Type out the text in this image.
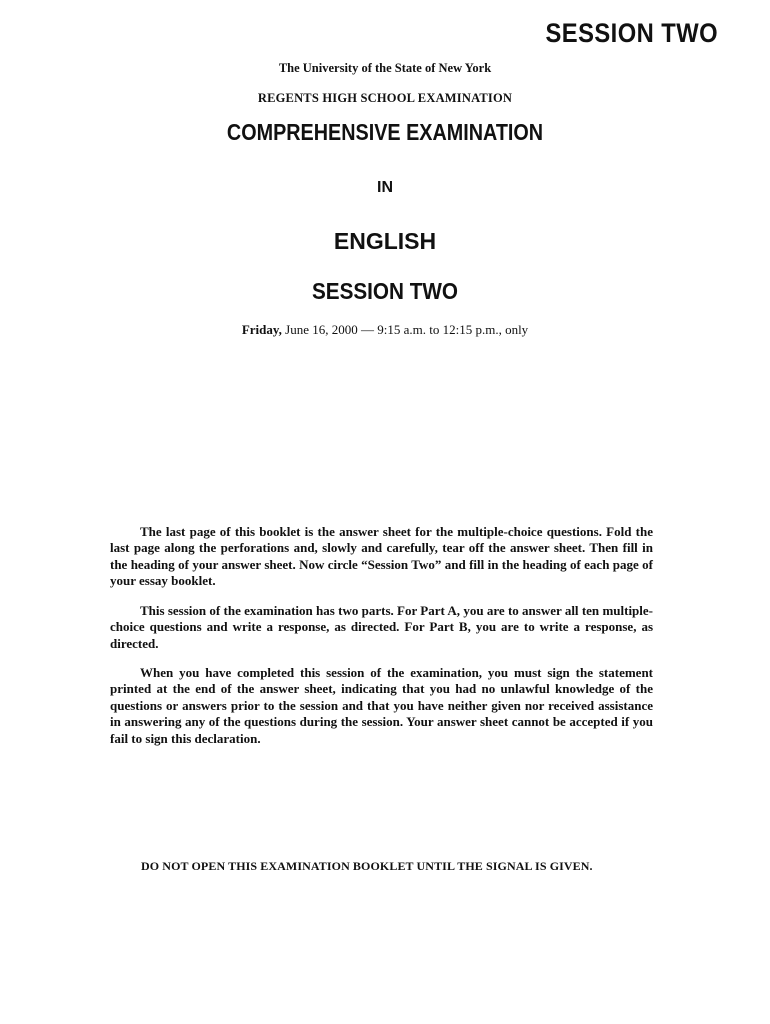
SESSION TWO
The University of the State of New York
REGENTS HIGH SCHOOL EXAMINATION
COMPREHENSIVE EXAMINATION
IN
ENGLISH
SESSION TWO
Friday, June 16, 2000 — 9:15 a.m. to 12:15 p.m., only

The last page of this booklet is the answer sheet for the multiple-choice questions. Fold the last page along the perforations and, slowly and carefully, tear off the answer sheet. Then fill in the heading of your answer sheet. Now circle “Session Two” and fill in the heading of each page of your essay booklet.

This session of the examination has two parts. For Part A, you are to answer all ten multiple-choice questions and write a response, as directed. For Part B, you are to write a response, as directed.

When you have completed this session of the examination, you must sign the statement printed at the end of the answer sheet, indicating that you had no unlawful knowledge of the questions or answers prior to the session and that you have neither given nor received assistance in answering any of the questions during the session. Your answer sheet cannot be accepted if you fail to sign this declaration.

DO NOT OPEN THIS EXAMINATION BOOKLET UNTIL THE SIGNAL IS GIVEN.
